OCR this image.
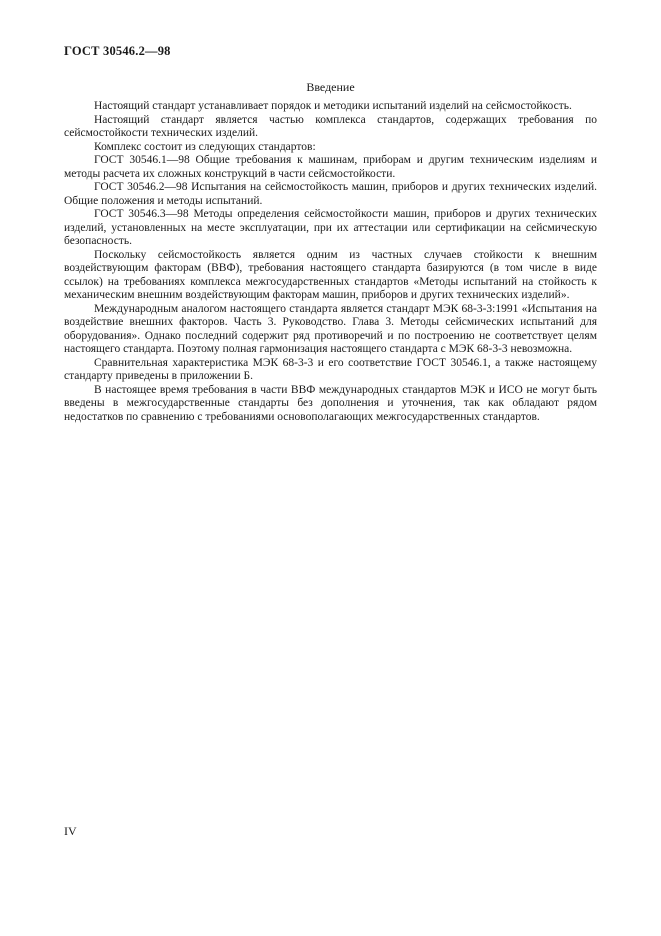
ГОСТ 30546.2—98
Введение

Настоящий стандарт устанавливает порядок и методики испытаний изделий на сейсмостойкость.

Настоящий стандарт является частью комплекса стандартов, содержащих требования по сейсмостойкости технических изделий.

Комплекс состоит из следующих стандартов:

ГОСТ 30546.1—98 Общие требования к машинам, приборам и другим техническим изделиям и методы расчета их сложных конструкций в части сейсмостойкости.

ГОСТ 30546.2—98 Испытания на сейсмостойкость машин, приборов и других технических изделий. Общие положения и методы испытаний.

ГОСТ 30546.3—98 Методы определения сейсмостойкости машин, приборов и других технических изделий, установленных на месте эксплуатации, при их аттестации или сертификации на сейсмическую безопасность.

Поскольку сейсмостойкость является одним из частных случаев стойкости к внешним воздействующим факторам (ВВФ), требования настоящего стандарта базируются (в том числе в виде ссылок) на требованиях комплекса межгосударственных стандартов «Методы испытаний на стойкость к механическим внешним воздействующим факторам машин, приборов и других технических изделий».

Международным аналогом настоящего стандарта является стандарт МЭК 68-3-3:1991 «Испытания на воздействие внешних факторов. Часть 3. Руководство. Глава 3. Методы сейсмических испытаний для оборудования». Однако последний содержит ряд противоречий и по построению не соответствует целям настоящего стандарта. Поэтому полная гармонизация настоящего стандарта с МЭК 68-3-3 невозможна.

Сравнительная характеристика МЭК 68-3-3 и его соответствие ГОСТ 30546.1, а также настоящему стандарту приведены в приложении Б.

В настоящее время требования в части ВВФ международных стандартов МЭК и ИСО не могут быть введены в межгосударственные стандарты без дополнения и уточнения, так как обладают рядом недостатков по сравнению с требованиями основополагающих межгосударственных стандартов.

IV
